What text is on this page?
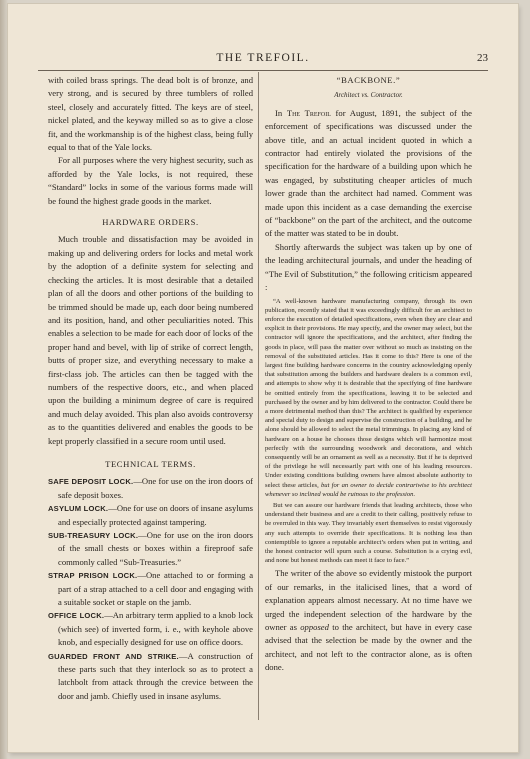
THE TREFOIL.	23

with coiled brass springs. The dead bolt is of bronze, and very strong, and is secured by three tumblers of rolled steel, closely and accurately fitted. The keys are of steel, nickel plated, and the keyway milled so as to give a close fit, and the workmanship is of the highest class, being fully equal to that of the Yale locks.

For all purposes where the very highest security, such as afforded by the Yale locks, is not required, these “Standard” locks in some of the various forms made will be found the highest grade goods in the market.

HARDWARE ORDERS.

Much trouble and dissatisfaction may be avoided in making up and delivering orders for locks and metal work by the adoption of a definite system for selecting and checking the articles. It is most desirable that a detailed plan of all the doors and other portions of the building to be trimmed should be made up, each door being numbered and its position, hand, and other peculiarities noted. This enables a selection to be made for each door of locks of the proper hand and bevel, with lip of strike of correct length, butts of proper size, and everything necessary to make a first-class job. The articles can then be tagged with the numbers of the respective doors, etc., and when placed upon the building a minimum degree of care is required and much delay avoided. This plan also avoids controversy as to the quantities delivered and enables the goods to be kept properly classified in a secure room until used.

TECHNICAL TERMS.

SAFE DEPOSIT LOCK.—One for use on the iron doors of safe deposit boxes.

ASYLUM LOCK.—One for use on doors of insane asylums and especially protected against tampering.

SUB-TREASURY LOCK.—One for use on the iron doors of the small chests or boxes within a fireproof safe commonly called “Sub-Treasuries.”

STRAP PRISON LOCK.—One attached to or forming a part of a strap attached to a cell door and engaging with a suitable socket or staple on the jamb.

OFFICE LOCK.—An arbitrary term applied to a knob lock (which see) of inverted form, i. e., with keyhole above knob, and especially designed for use on office doors.

GUARDED FRONT AND STRIKE.—A construction of these parts such that they interlock so as to protect a latchbolt from attack through the crevice between the door and jamb. Chiefly used in insane asylums.

“BACKBONE.”
Architect vs. Contractor.

In The Trefoil for August, 1891, the subject of the enforcement of specifications was discussed under the above title, and an actual incident quoted in which a contractor had entirely violated the provisions of the specification for the hardware of a building upon which he was engaged, by substituting cheaper articles of much lower grade than the architect had named. Comment was made upon this incident as a case demanding the exercise of “backbone” on the part of the architect, and the outcome of the matter was stated to be in doubt.

Shortly afterwards the subject was taken up by one of the leading architectural journals, and under the heading of “The Evil of Substitution,” the following criticism appeared :

“A well-known hardware manufacturing company, through its own publication, recently stated that it was exceedingly difficult for an architect to enforce the execution of detailed specifications, even when they are clear and explicit in their provisions. He may specify, and the owner may select, but the contractor will ignore the specifications, and the architect, after finding the goods in place, will pass the matter over without so much as insisting on the removal of the substituted articles. Has it come to this? Here is one of the largest fine building hardware concerns in the country acknowledging openly that substitution among the builders and hardware dealers is a common evil, and attempts to show why it is desirable that the specifying of fine hardware be omitted entirely from the specifications, leaving it to be selected and purchased by the owner and by him delivered to the contractor. Could there be a more detrimental method than this? The architect is qualified by experience and special duty to design and supervise the construction of a building, and he alone should be allowed to select the metal trimmings. In placing any kind of hardware on a house he chooses those designs which will harmonize most perfectly with the surrounding woodwork and decorations, and which consequently will be an ornament as well as a necessity. But if he is deprived of the privilege he will necessarily part with one of his leading resources. Under existing conditions building owners have almost absolute authority to select these articles, but for an owner to decide contrariwise to his architect whenever so inclined would be ruinous to the profession.

But we can assure our hardware friends that leading architects, those who understand their business and are a credit to their calling, positively refuse to be overruled in this way. They invariably exert themselves to resist vigorously any such attempts to override their specifications. It is nothing less than contemptible to ignore a reputable architect’s orders when put in writing, and the honest contractor will spurn such a course. Substitution is a crying evil, and none but honest methods can meet it face to face.”

The writer of the above so evidently mistook the purport of our remarks, in the italicised lines, that a word of explanation appears almost necessary. At no time have we urged the independent selection of the hardware by the owner as opposed to the architect, but have in every case advised that the selection be made by the owner and the architect, and not left to the contractor alone, as is often done.
